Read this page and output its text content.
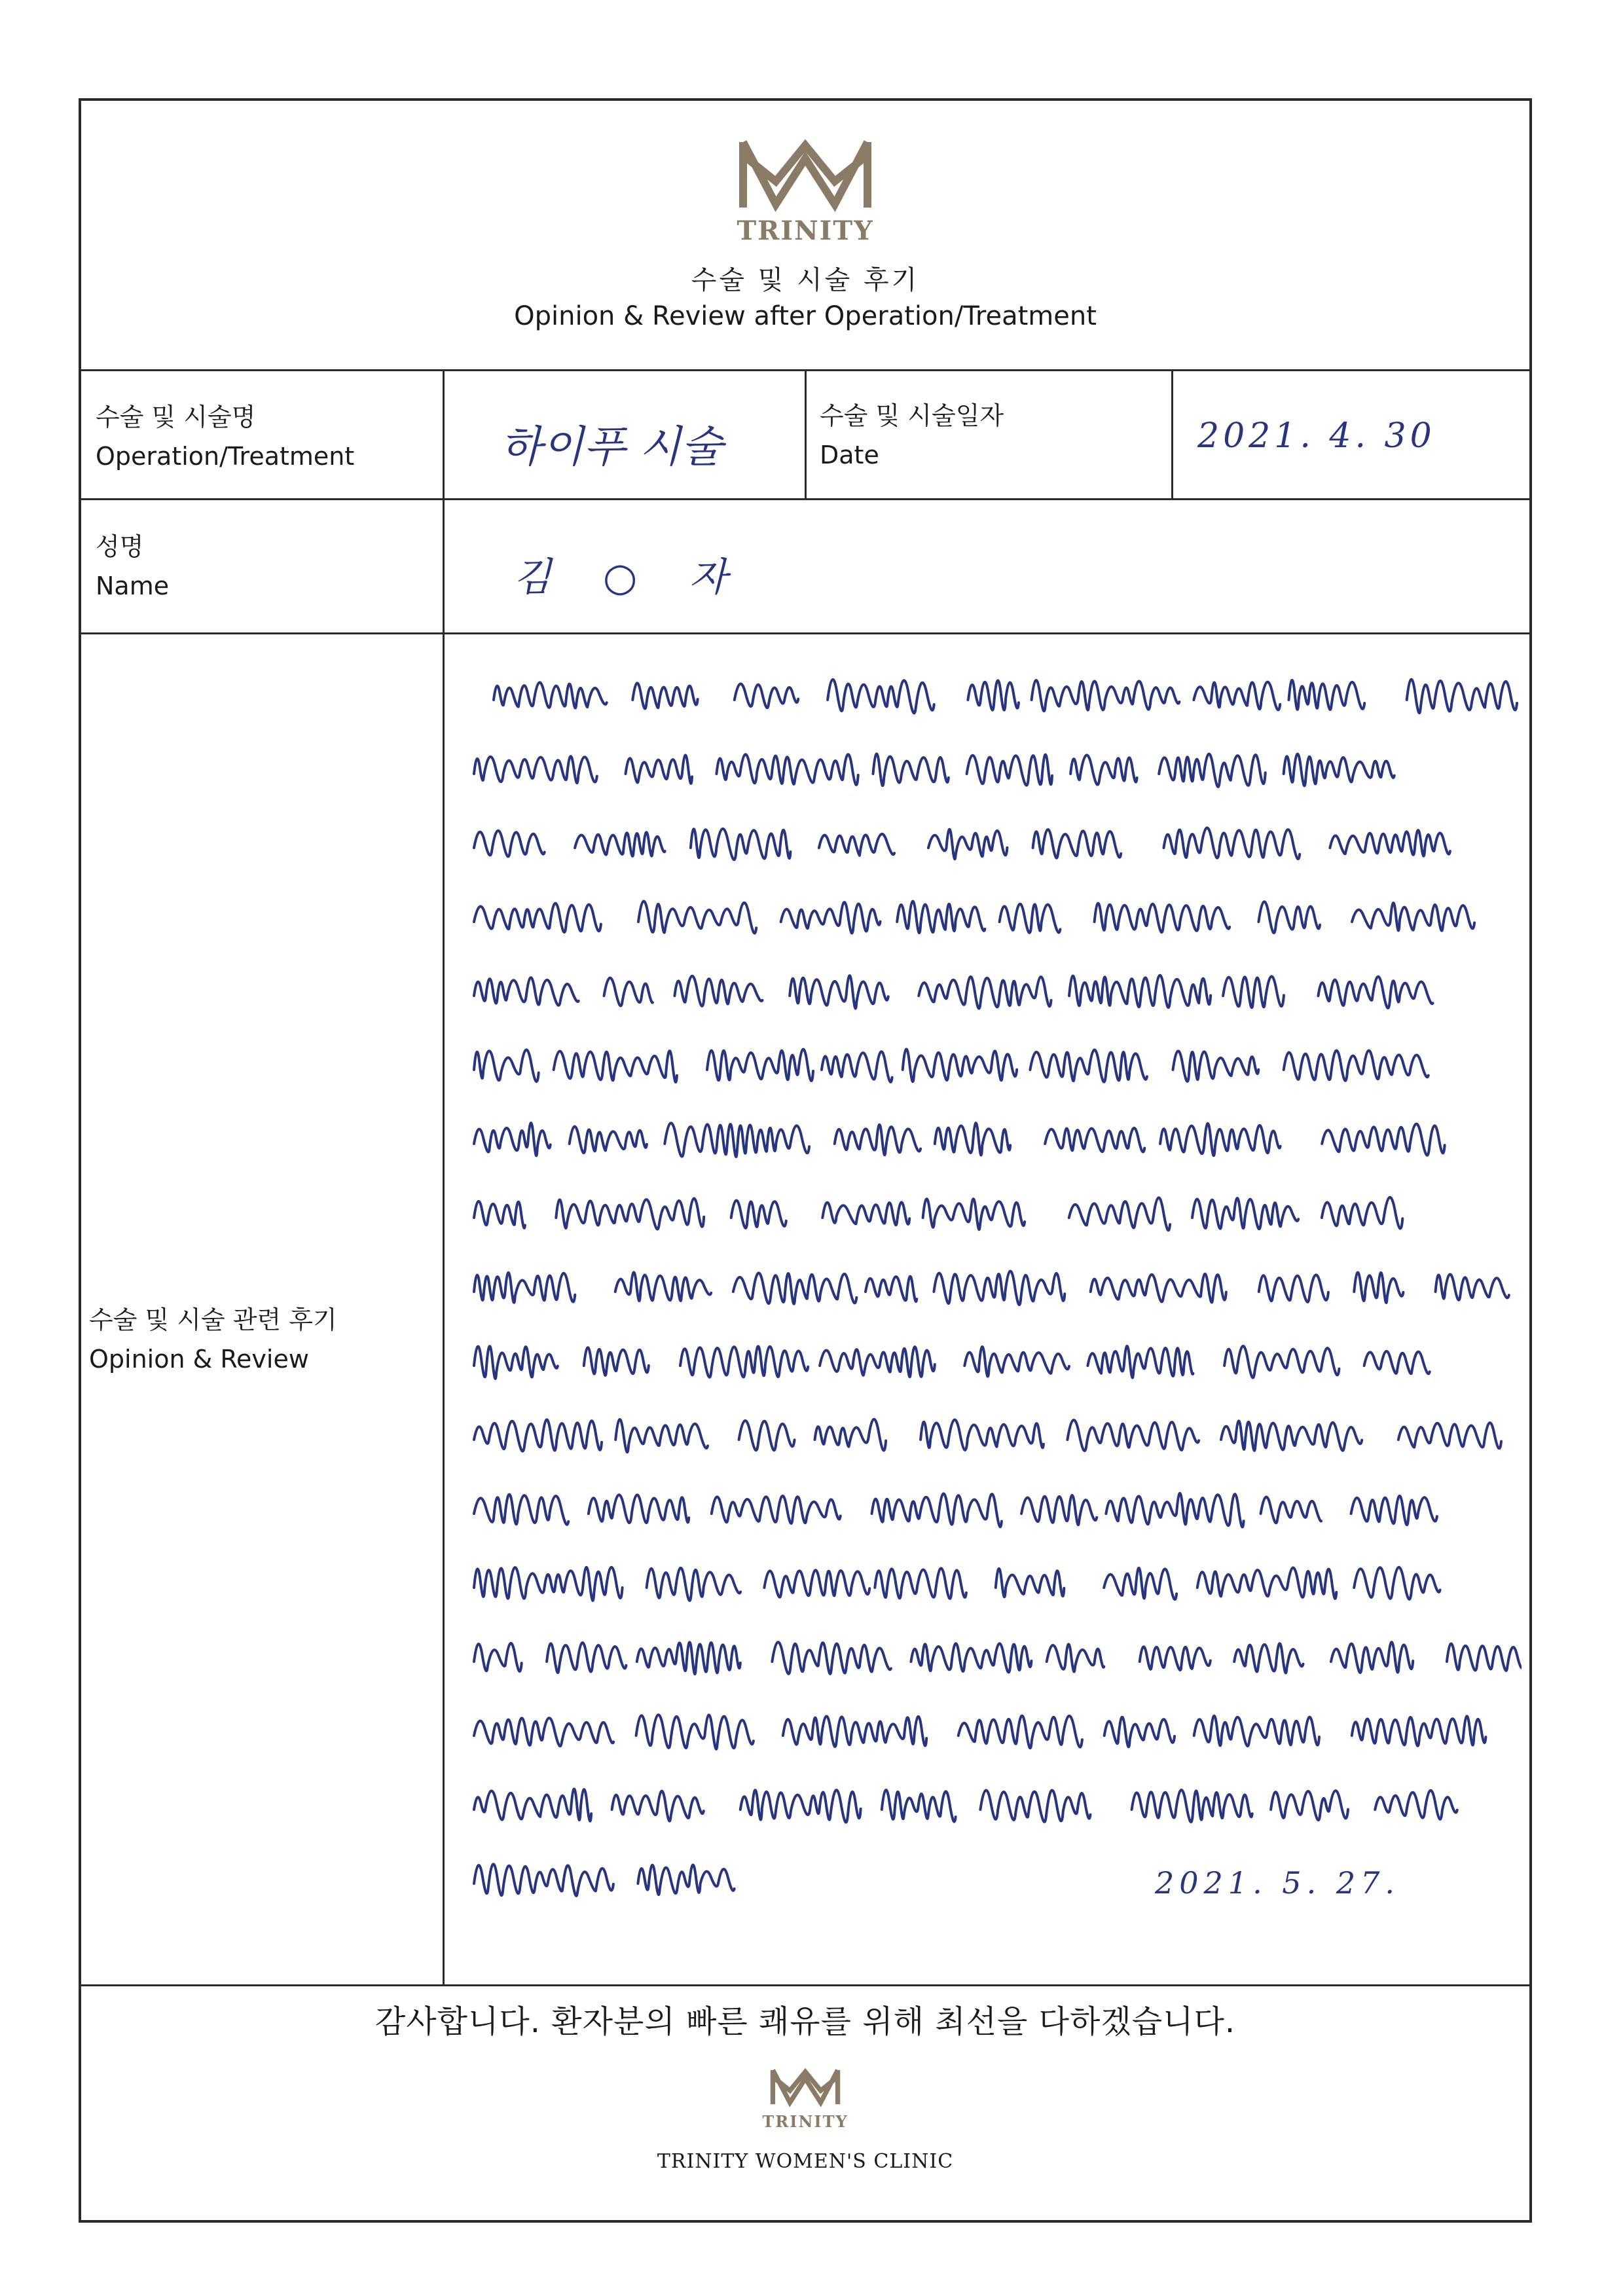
TRINITY
수술 및 시술 후기
Opinion & Review after Operation/Treatment
수술 및 시술명
Operation/Treatment	하이푸 시술
수술 및 시술일자
Date	2021. 4. 30
성명
Name	김 ○ 자
수술 및 시술 관련 후기
Opinion & Review
2021. 5. 27.
감사합니다. 환자분의 빠른 쾌유를 위해 최선을 다하겠습니다.
TRINITY
TRINITY WOMEN'S CLINIC
